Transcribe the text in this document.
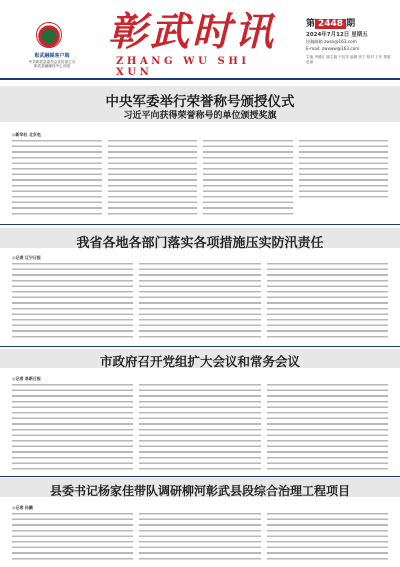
彰武融媒客户端
中共彰武县委员会宣传部主办
彰武县融媒体中心出版
彰武时讯
ZHANG WU SHI XUN
第 2448 期
2024年7月12日 星期五
投稿邮箱 zwsx@163.com
E-mail: zwxww@163.com
主编 李德红 副主编 于桂英 编辑 张宁 校对 王东 排版 赵丽
中央军委举行荣誉称号颁授仪式
习近平向获得荣誉称号的单位颁授奖旗
◎新华社 北京电
我省各地各部门落实各项措施压实防汛责任
◎记者 辽宁日报
市政府召开党组扩大会议和常务会议
◎记者 阜新日报
县委书记杨家佳带队调研柳河彰武县段综合治理工程项目
◎记者 孙鹏
